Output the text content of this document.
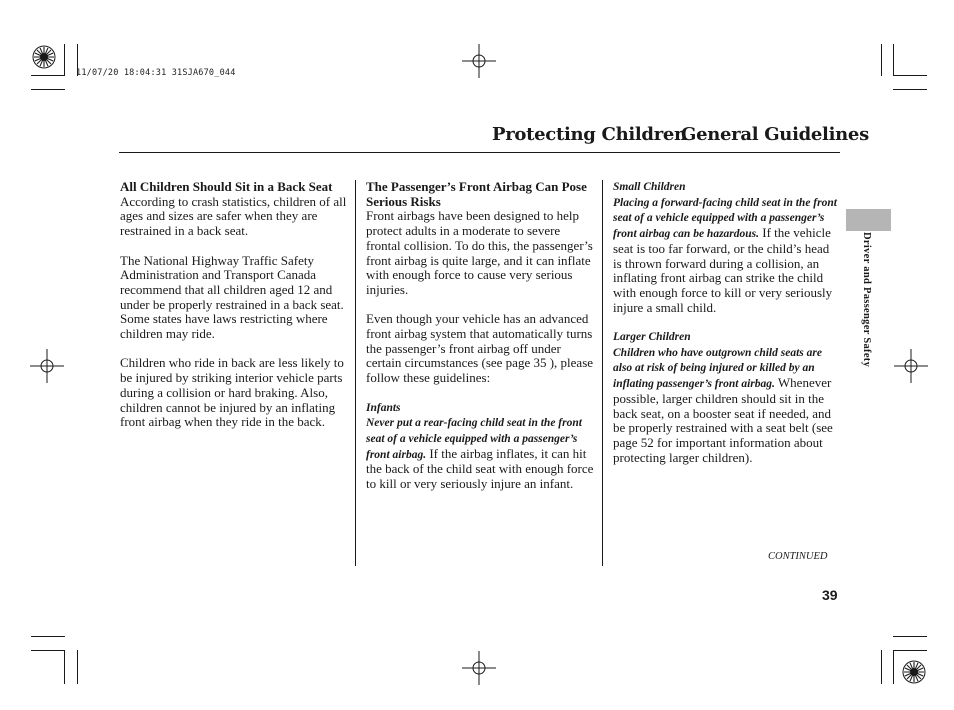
11/07/20 18:04:31 31SJA670_044
Protecting Children
General Guidelines

All Children Should Sit in a Back Seat

According to crash statistics, children of all ages and sizes are safer when they are restrained in a back seat.

The National Highway Traffic Safety Administration and Transport Canada recommend that all children aged 12 and under be properly restrained in a back seat. Some states have laws restricting where children may ride.

Children who ride in back are less likely to be injured by striking interior vehicle parts during a collision or hard braking. Also, children cannot be injured by an inflating front airbag when they ride in the back.

The Passenger’s Front Airbag Can Pose Serious Risks

Front airbags have been designed to help protect adults in a moderate to severe frontal collision. To do this, the passenger’s front airbag is quite large, and it can inflate with enough force to cause very serious injuries.

Even though your vehicle has an advanced front airbag system that automatically turns the passenger’s front airbag off under certain circumstances (see page 35 ), please follow these guidelines:

Infants

Never put a rear-facing child seat in the front seat of a vehicle equipped with a passenger’s front airbag. If the airbag inflates, it can hit the back of the child seat with enough force to kill or very seriously injure an infant.

Small Children

Placing a forward-facing child seat in the front seat of a vehicle equipped with a passenger’s front airbag can be hazardous. If the vehicle seat is too far forward, or the child’s head is thrown forward during a collision, an inflating front airbag can strike the child with enough force to kill or very seriously injure a small child.

Larger Children

Children who have outgrown child seats are also at risk of being injured or killed by an inflating passenger’s front airbag. Whenever possible, larger children should sit in the back seat, on a booster seat if needed, and be properly restrained with a seat belt (see page 52 for important information about protecting larger children).

Driver and Passenger Safety
CONTINUED
39
